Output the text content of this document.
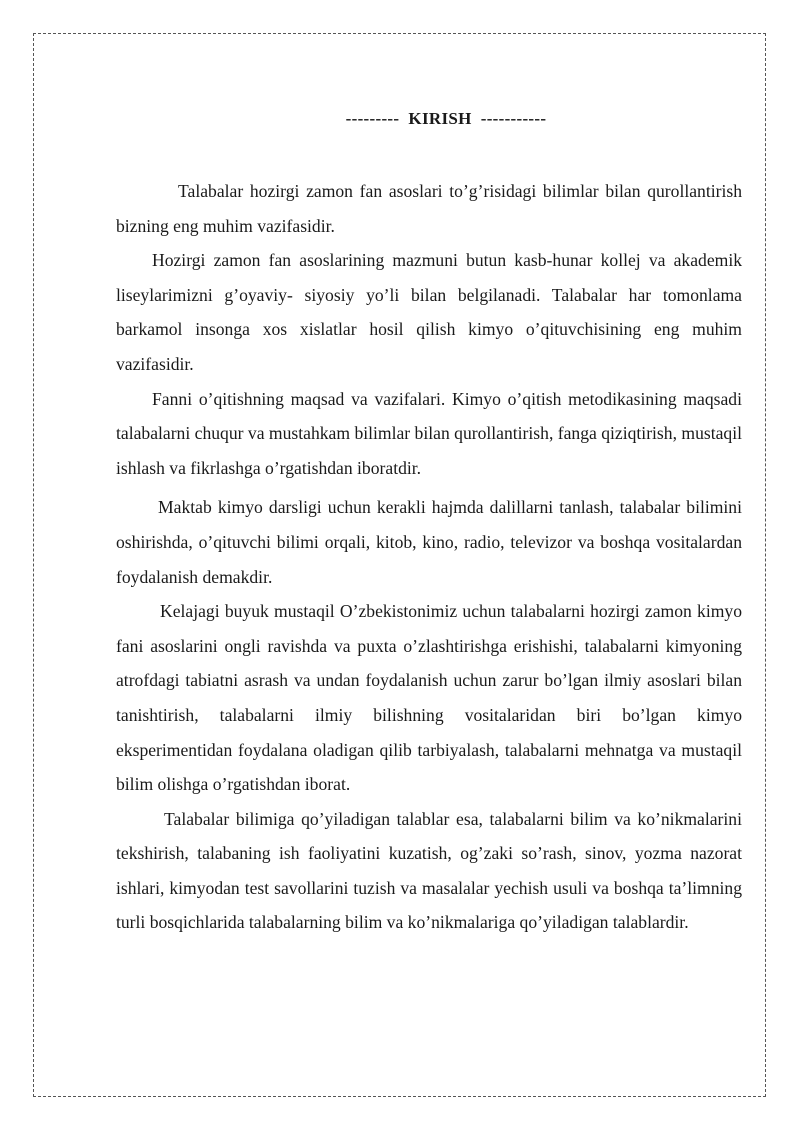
---------  KIRISH  -----------

Talabalar hozirgi zamon fan asoslari to’g’risidagi bilimlar bilan qurollantirish bizning eng muhim vazifasidir.

Hozirgi zamon fan asoslarining mazmuni butun kasb-hunar kollej va akademik liseylarimizni g’oyaviy- siyosiy yo’li bilan belgilanadi. Talabalar har tomonlama barkamol insonga xos xislatlar hosil qilish kimyo o’qituvchisining eng muhim vazifasidir.

Fanni o’qitishning maqsad va vazifalari. Kimyo o’qitish metodikasining maqsadi talabalarni chuqur va mustahkam bilimlar bilan qurollantirish, fanga qiziqtirish, mustaqil ishlash va fikrlashga o’rgatishdan iboratdir.

Maktab kimyo darsligi uchun kerakli hajmda dalillarni tanlash, talabalar bilimini oshirishda, o’qituvchi bilimi orqali, kitob, kino, radio, televizor va boshqa vositalardan foydalanish demakdir.

Kelajagi buyuk mustaqil O’zbekistonimiz uchun talabalarni hozirgi zamon kimyo fani asoslarini ongli ravishda va puxta o’zlashtirishga erishishi, talabalarni kimyoning atrofdagi tabiatni asrash va undan foydalanish uchun zarur bo’lgan ilmiy asoslari bilan tanishtirish, talabalarni ilmiy bilishning vositalaridan biri bo’lgan kimyo eksperimentidan foydalana oladigan qilib tarbiyalash, talabalarni mehnatga va mustaqil bilim olishga o’rgatishdan iborat.

Talabalar bilimiga qo’yiladigan talablar esa, talabalarni bilim va ko’nikmalarini tekshirish, talabaning ish faoliyatini kuzatish, og’zaki so’rash, sinov, yozma nazorat ishlari, kimyodan test savollarini tuzish va masalalar yechish usuli va boshqa ta’limning turli bosqichlarida talabalarning bilim va ko’nikmalariga qo’yiladigan talablardir.
